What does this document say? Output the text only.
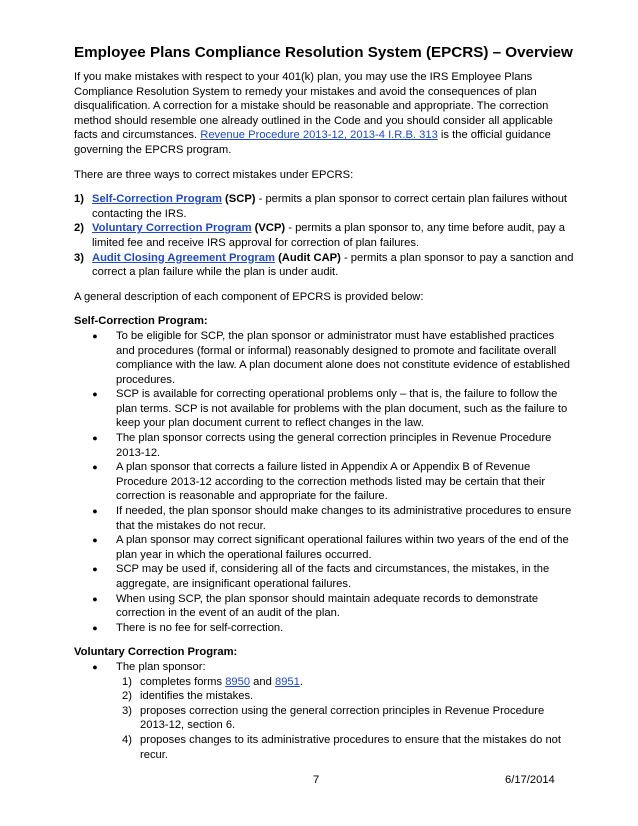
Employee Plans Compliance Resolution System (EPCRS) – Overview

If you make mistakes with respect to your 401(k) plan, you may use the IRS Employee Plans Compliance Resolution System to remedy your mistakes and avoid the consequences of plan disqualification. A correction for a mistake should be reasonable and appropriate. The correction method should resemble one already outlined in the Code and you should consider all applicable facts and circumstances. Revenue Procedure 2013-12, 2013-4 I.R.B. 313 is the official guidance governing the EPCRS program.

There are three ways to correct mistakes under EPCRS:

1) Self-Correction Program (SCP) - permits a plan sponsor to correct certain plan failures without contacting the IRS.
2) Voluntary Correction Program (VCP) - permits a plan sponsor to, any time before audit, pay a limited fee and receive IRS approval for correction of plan failures.
3) Audit Closing Agreement Program (Audit CAP) - permits a plan sponsor to pay a sanction and correct a plan failure while the plan is under audit.

A general description of each component of EPCRS is provided below:

Self-Correction Program:

●	To be eligible for SCP, the plan sponsor or administrator must have established practices and procedures (formal or informal) reasonably designed to promote and facilitate overall compliance with the law. A plan document alone does not constitute evidence of established procedures.
●	SCP is available for correcting operational problems only – that is, the failure to follow the plan terms. SCP is not available for problems with the plan document, such as the failure to keep your plan document current to reflect changes in the law.
●	The plan sponsor corrects using the general correction principles in Revenue Procedure 2013-12.
●	A plan sponsor that corrects a failure listed in Appendix A or Appendix B of Revenue Procedure 2013-12 according to the correction methods listed may be certain that their correction is reasonable and appropriate for the failure.
●	If needed, the plan sponsor should make changes to its administrative procedures to ensure that the mistakes do not recur.
●	A plan sponsor may correct significant operational failures within two years of the end of the plan year in which the operational failures occurred.
●	SCP may be used if, considering all of the facts and circumstances, the mistakes, in the aggregate, are insignificant operational failures.
●	When using SCP, the plan sponsor should maintain adequate records to demonstrate correction in the event of an audit of the plan.
●	There is no fee for self-correction.

Voluntary Correction Program:

●	The plan sponsor:
1) completes forms 8950 and 8951.
2) identifies the mistakes.
3) proposes correction using the general correction principles in Revenue Procedure 2013-12, section 6.
4) proposes changes to its administrative procedures to ensure that the mistakes do not recur.
7	6/17/2014
